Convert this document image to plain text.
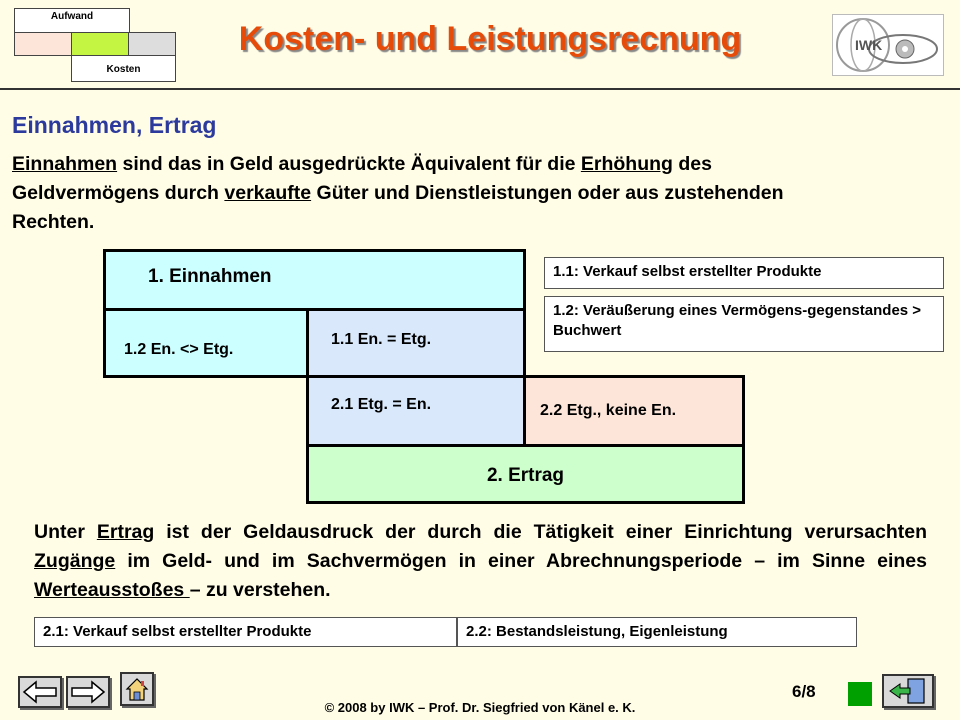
Aufwand
Kosten
Kosten- und Leistungsrecnung	IWK
Einnahmen, Ertrag
Einnahmen sind das in Geld ausgedrückte Äquivalent für die Erhöhung des Geldvermögens durch verkaufte Güter und Dienstleistungen oder aus zustehenden Rechten.
1. Einnahmen
1.2 En. <> Etg.
1.1 En. = Etg.
2.1 Etg. = En.	2.2 Etg., keine En.
2. Ertrag
1.1: Verkauf selbst erstellter Produkte
1.2: Veräußerung eines Vermögens-gegenstandes > Buchwert
Unter Ertrag ist der Geldausdruck der durch die Tätigkeit einer Einrichtung verursachten Zugänge im Geld- und im Sachvermögen in einer Abrechnungsperiode – im Sinne eines Werteausstoßes – zu verstehen.
2.1: Verkauf selbst erstellter Produkte	2.2: Bestandsleistung, Eigenleistung
6/8
© 2008 by IWK – Prof. Dr. Siegfried von Känel e. K.
